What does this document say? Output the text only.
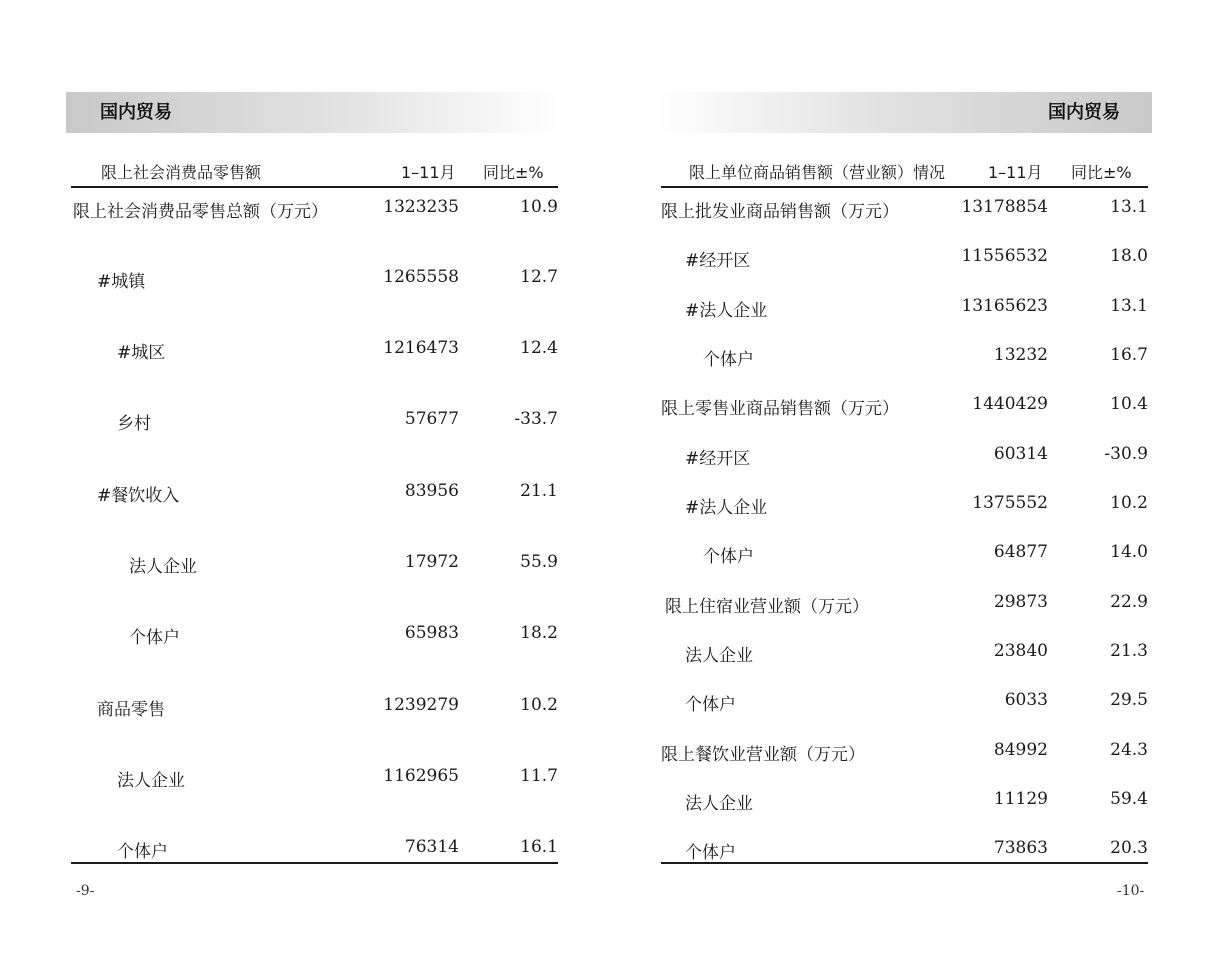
国内贸易
限上社会消费品零售额	1–11月 同比±%
限上社会消费品零售总额（万元）	1323235	10.9
#城镇	1265558	12.7
#城区	1216473	12.4
乡村	57677	-33.7
#餐饮收入	83956	21.1
法人企业	17972	55.9
个体户	65983	18.2
商品零售	1239279	10.2
法人企业	1162965	11.7
个体户	76314	16.1
-9-
国内贸易
限上单位商品销售额（营业额）情况	1–11月 同比±%
限上批发业商品销售额（万元）	13178854	13.1
#经开区	11556532	18.0
#法人企业	13165623	13.1
个体户	13232	16.7
限上零售业商品销售额（万元）	1440429	10.4
#经开区	60314	-30.9
#法人企业	1375552	10.2
个体户	64877	14.0
限上住宿业营业额（万元）	29873	22.9
法人企业	23840	21.3
个体户	6033	29.5
限上餐饮业营业额（万元）	84992	24.3
法人企业	11129	59.4
个体户	73863	20.3
-10-
